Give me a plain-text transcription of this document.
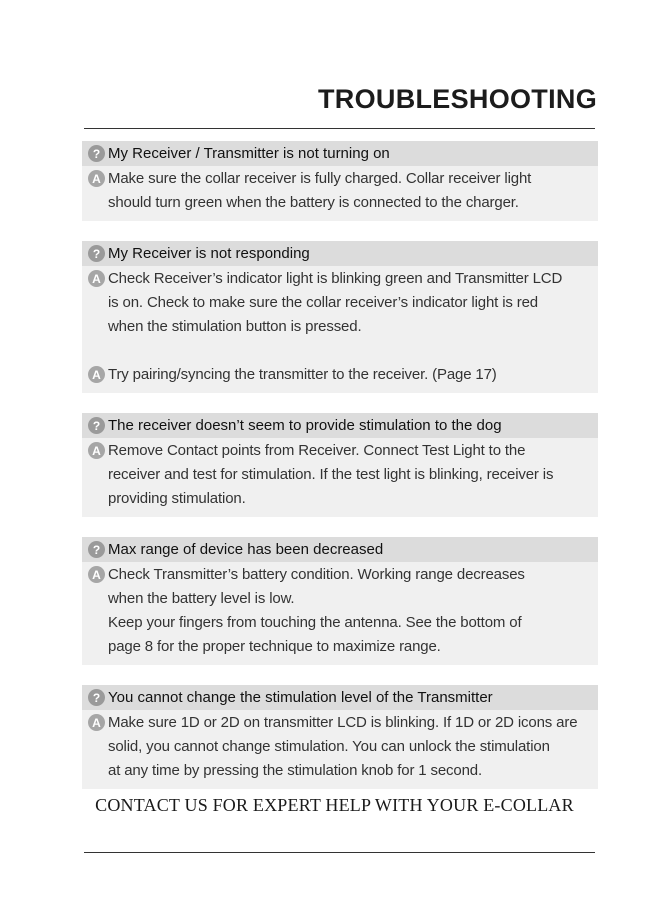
TROUBLESHOOTING
? My Receiver / Transmitter is not turning on
A Make sure the collar receiver is fully charged. Collar receiver light
should turn green when the battery is connected to the charger.
? My Receiver is not responding
A Check Receiver’s indicator light is blinking green and Transmitter LCD
is on. Check to make sure the collar receiver’s indicator light is red
when the stimulation button is pressed.
A Try pairing/syncing the transmitter to the receiver. (Page 17)
? The receiver doesn’t seem to provide stimulation to the dog
A Remove Contact points from Receiver. Connect Test Light to the
receiver and test for stimulation. If the test light is blinking, receiver is
providing stimulation.
? Max range of device has been decreased
A Check Transmitter’s battery condition. Working range decreases
when the battery level is low.
Keep your fingers from touching the antenna. See the bottom of
page 8 for the proper technique to maximize range.
? You cannot change the stimulation level of the Transmitter
A Make sure 1D or 2D on transmitter LCD is blinking. If 1D or 2D icons are
solid, you cannot change stimulation. You can unlock the stimulation
at any time by pressing the stimulation knob for 1 second.
CONTACT US FOR EXPERT HELP WITH YOUR E-COLLAR
